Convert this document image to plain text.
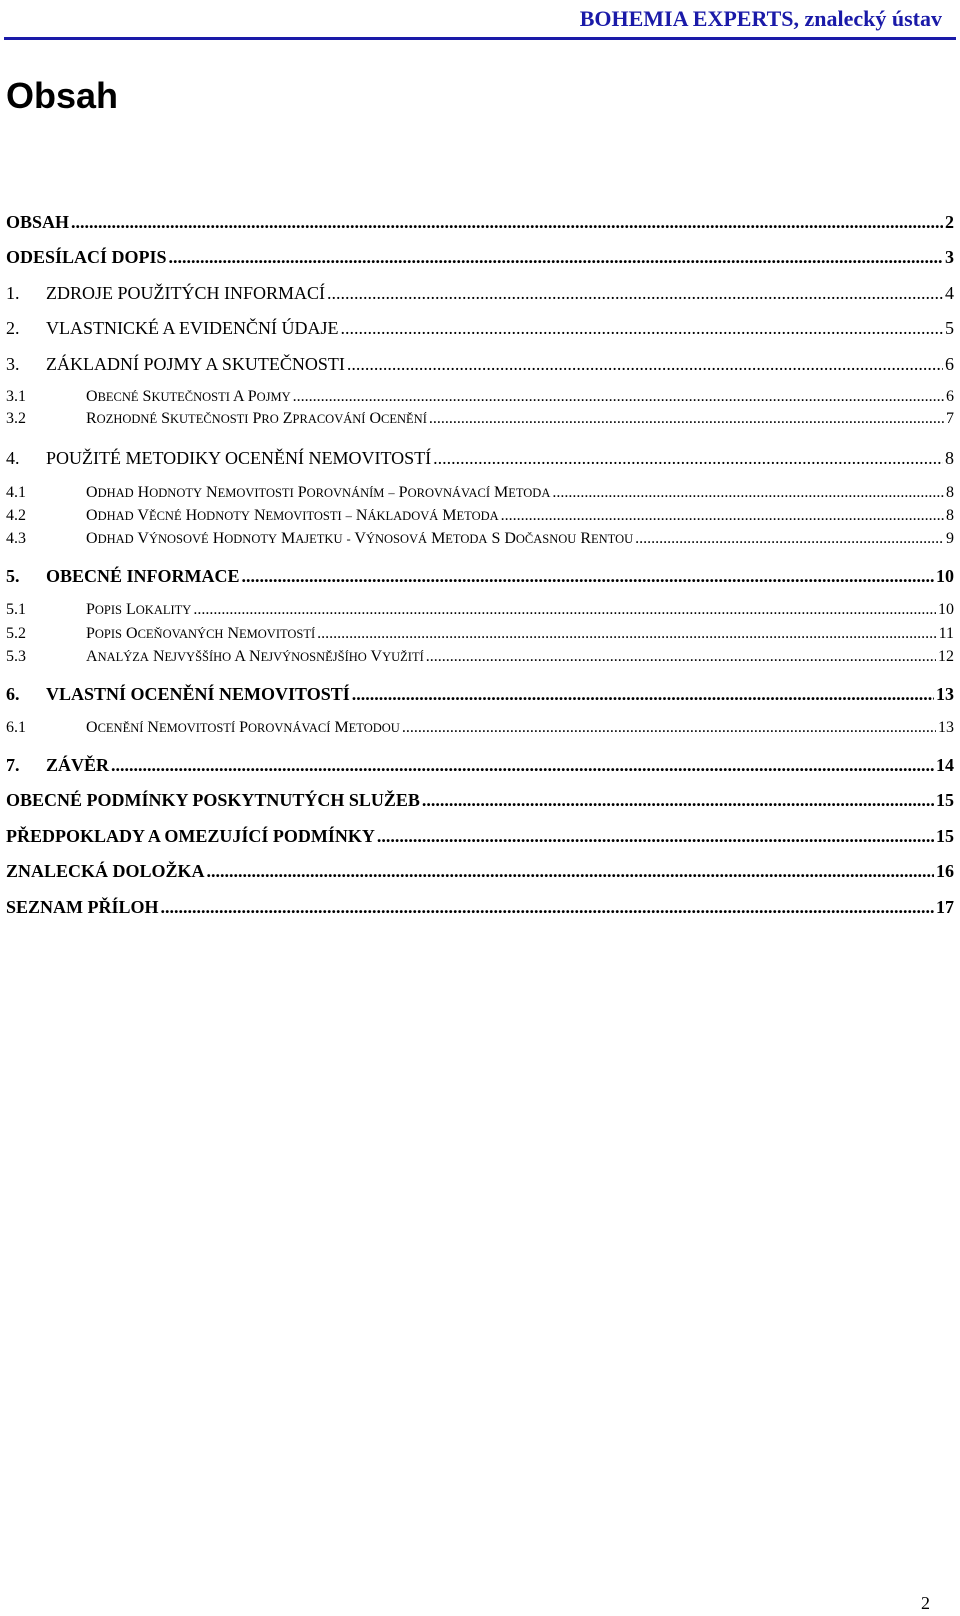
BOHEMIA EXPERTS, znalecký ústav
Obsah
OBSAH .....	2
ODESÍLACÍ DOPIS .....	3
1.	ZDROJE POUŽITÝCH INFORMACÍ .....	4
2.	VLASTNICKÉ A EVIDENČNÍ ÚDAJE .....	5
3.	ZÁKLADNÍ POJMY A SKUTEČNOSTI .....	6
3.1	OBECNÉ SKUTEČNOSTI A POJMY .....	6
3.2	ROZHODNÉ SKUTEČNOSTI PRO ZPRACOVÁNÍ OCENĚNÍ .....	7
4.	POUŽITÉ METODIKY OCENĚNÍ NEMOVITOSTÍ .....	8
4.1	ODHAD HODNOTY NEMOVITOSTI POROVNÁNÍM – POROVNÁVACÍ METODA .....	8
4.2	ODHAD VĚCNÉ HODNOTY NEMOVITOSTI – NÁKLADOVÁ METODA .....	8
4.3	ODHAD VÝNOSOVÉ HODNOTY MAJETKU - VÝNOSOVÁ METODA S DOČASNOU RENTOU .....	9
5.	OBECNÉ INFORMACE .....	10
5.1	POPIS LOKALITY .....	10
5.2	POPIS OCEŇOVANÝCH NEMOVITOSTÍ .....	11
5.3	ANALÝZA NEJVYŠŠÍHO A NEJVÝNOSNĚJŠÍHO VYUŽITÍ .....	12
6.	VLASTNÍ OCENĚNÍ NEMOVITOSTÍ .....	13
6.1	OCENĚNÍ NEMOVITOSTÍ POROVNÁVACÍ METODOU .....	13
7.	ZÁVĚR .....	14
OBECNÉ PODMÍNKY POSKYTNUTÝCH SLUŽEB .....	15
PŘEDPOKLADY A OMEZUJÍCÍ PODMÍNKY .....	15
ZNALECKÁ DOLOŽKA .....	16
SEZNAM PŘÍLOH .....	17
2
